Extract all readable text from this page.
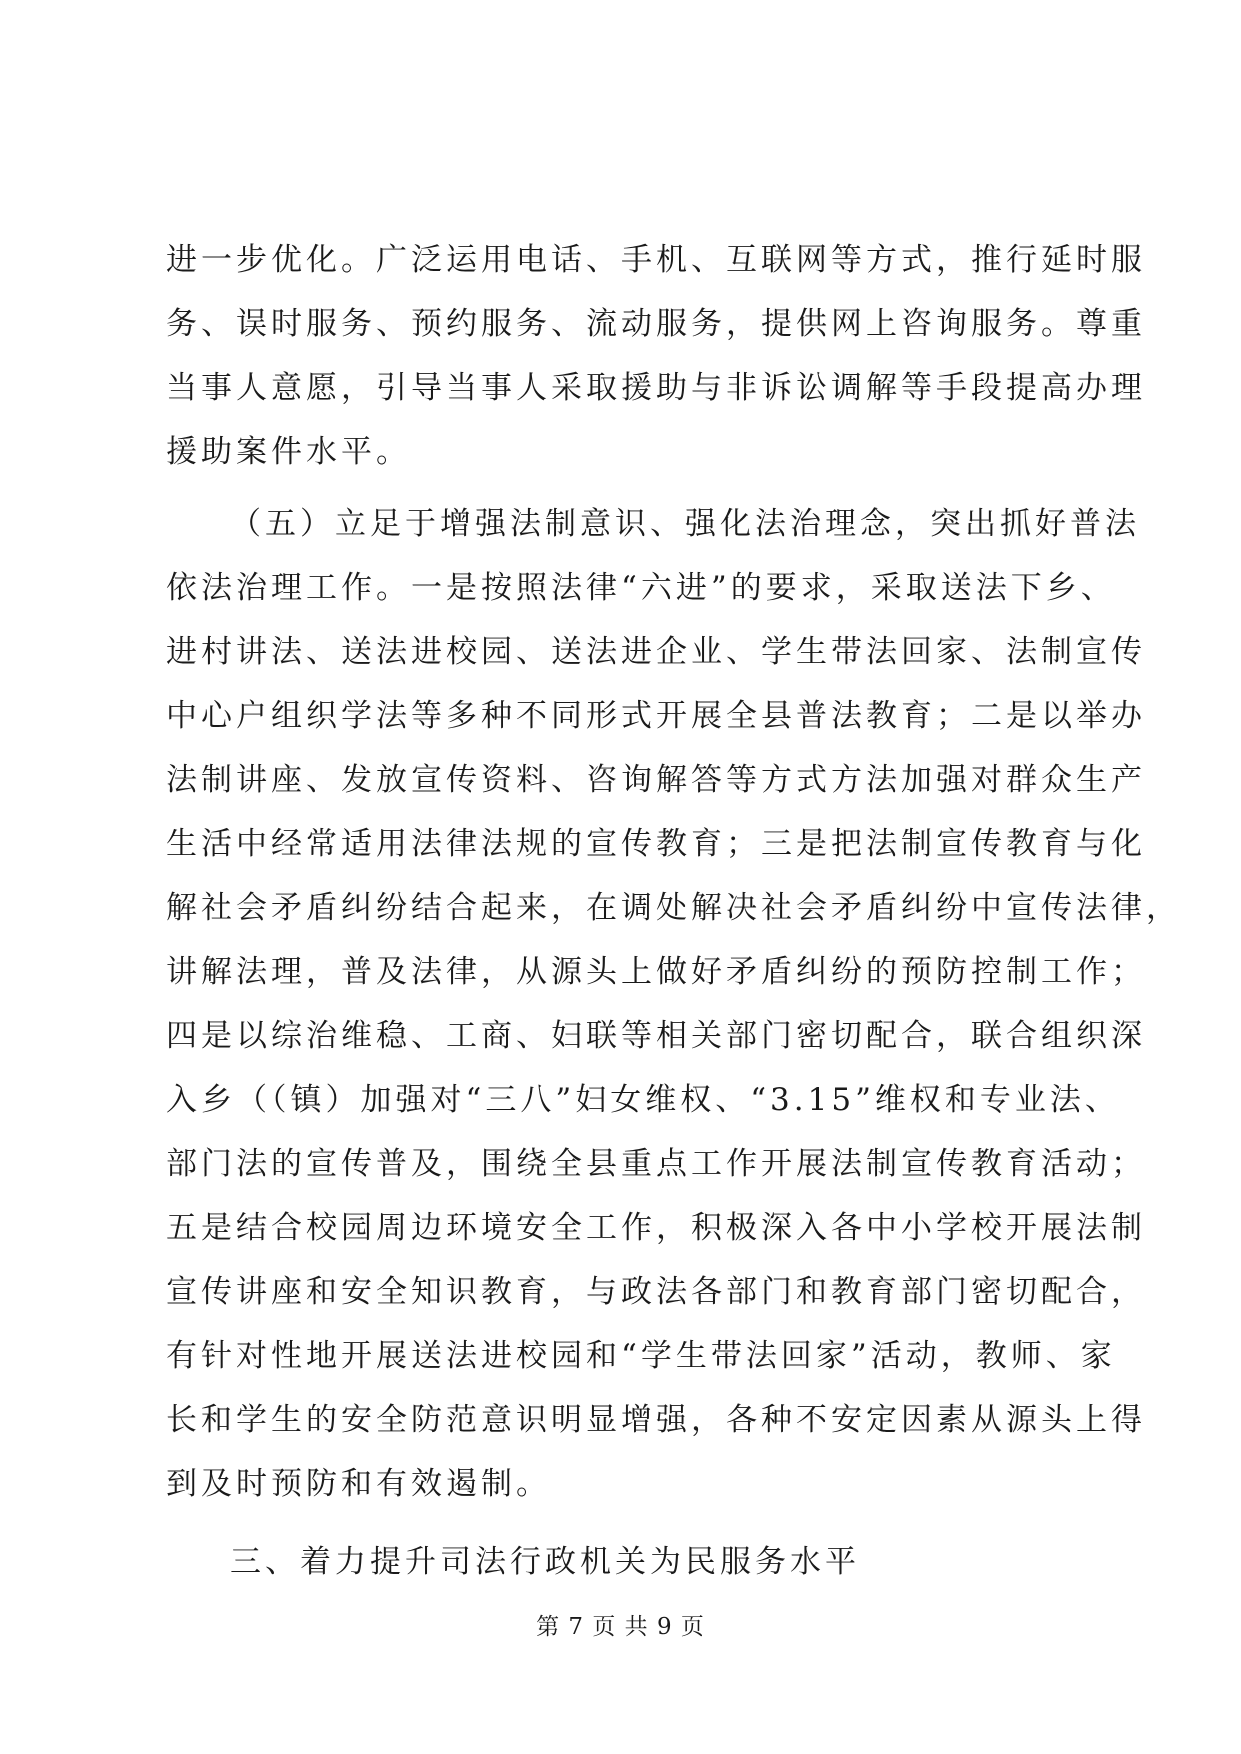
进一步优化。广泛运用电话、手机、互联网等方式，推行延时服
务、误时服务、预约服务、流动服务，提供网上咨询服务。尊重
当事人意愿，引导当事人采取援助与非诉讼调解等手段提高办理
援助案件水平。
（五）立足于增强法制意识、强化法治理念，突出抓好普法
依法治理工作。一是按照法律“六进”的要求，采取送法下乡、
进村讲法、送法进校园、送法进企业、学生带法回家、法制宣传
中心户组织学法等多种不同形式开展全县普法教育；二是以举办
法制讲座、发放宣传资料、咨询解答等方式方法加强对群众生产
生活中经常适用法律法规的宣传教育；三是把法制宣传教育与化
解社会矛盾纠纷结合起来，在调处解决社会矛盾纠纷中宣传法律，
讲解法理，普及法律，从源头上做好矛盾纠纷的预防控制工作；
四是以综治维稳、工商、妇联等相关部门密切配合，联合组织深
入乡（（镇）加强对“三八”妇女维权、“3.15”维权和专业法、
部门法的宣传普及，围绕全县重点工作开展法制宣传教育活动；
五是结合校园周边环境安全工作，积极深入各中小学校开展法制
宣传讲座和安全知识教育，与政法各部门和教育部门密切配合，
有针对性地开展送法进校园和“学生带法回家”活动，教师、家
长和学生的安全防范意识明显增强，各种不安定因素从源头上得
到及时预防和有效遏制。
三、着力提升司法行政机关为民服务水平
第 7 页 共 9 页
